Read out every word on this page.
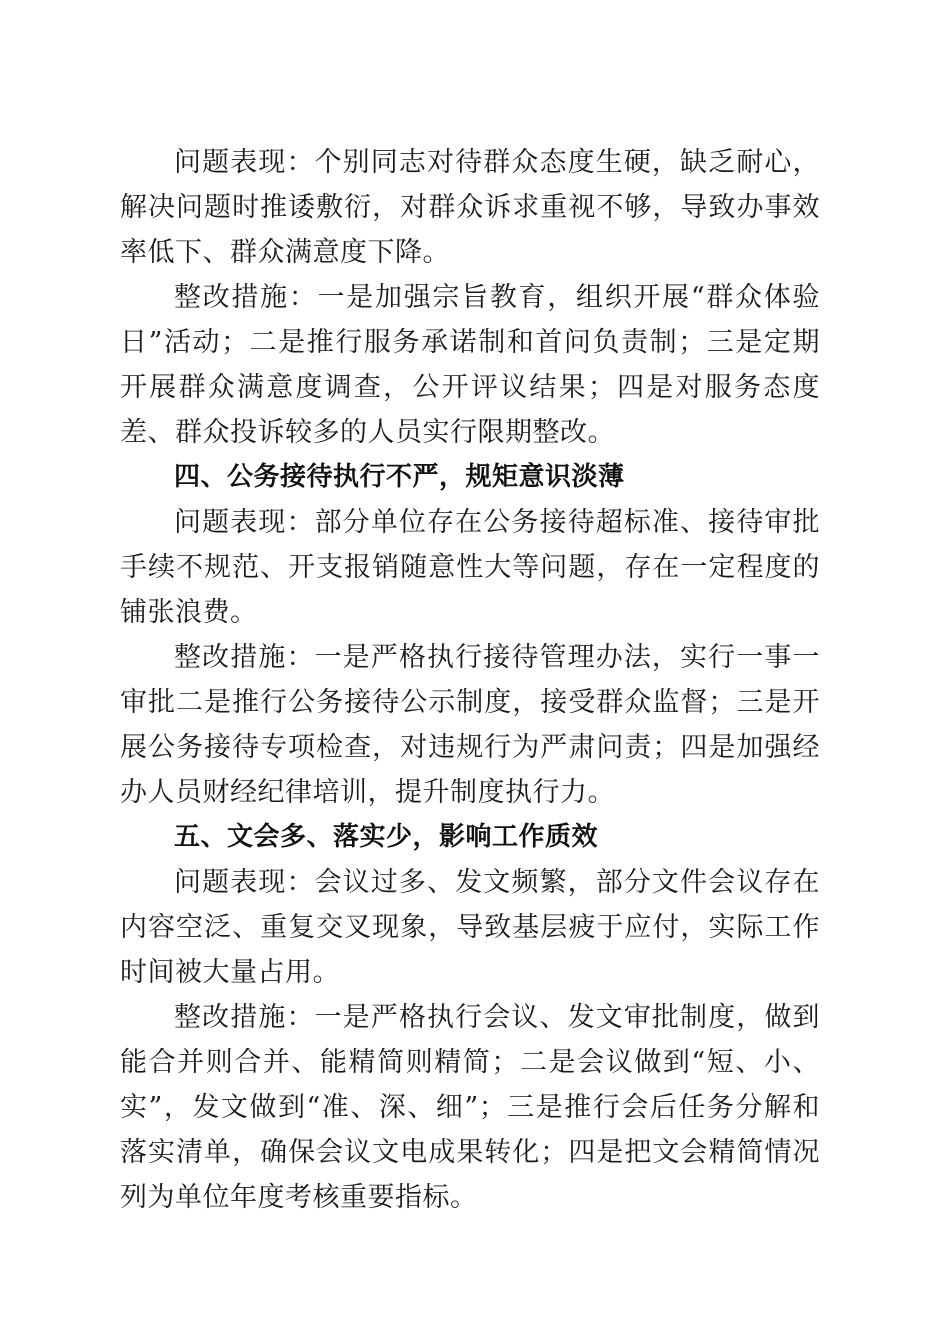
问题表现：个别同志对待群众态度生硬，缺乏耐心，解决问题时推诿敷衍，对群众诉求重视不够，导致办事效率低下、群众满意度下降。

整改措施：一是加强宗旨教育，组织开展“群众体验日”活动；二是推行服务承诺制和首问负责制；三是定期开展群众满意度调查，公开评议结果；四是对服务态度差、群众投诉较多的人员实行限期整改。

四、公务接待执行不严，规矩意识淡薄

问题表现：部分单位存在公务接待超标准、接待审批手续不规范、开支报销随意性大等问题，存在一定程度的铺张浪费。

整改措施：一是严格执行接待管理办法，实行一事一审批二是推行公务接待公示制度，接受群众监督；三是开展公务接待专项检查，对违规行为严肃问责；四是加强经办人员财经纪律培训，提升制度执行力。

五、文会多、落实少，影响工作质效

问题表现：会议过多、发文频繁，部分文件会议存在内容空泛、重复交叉现象，导致基层疲于应付，实际工作时间被大量占用。

整改措施：一是严格执行会议、发文审批制度，做到能合并则合并、能精简则精简；二是会议做到“短、小、实”，发文做到“准、深、细”；三是推行会后任务分解和落实清单，确保会议文电成果转化；四是把文会精简情况列为单位年度考核重要指标。
